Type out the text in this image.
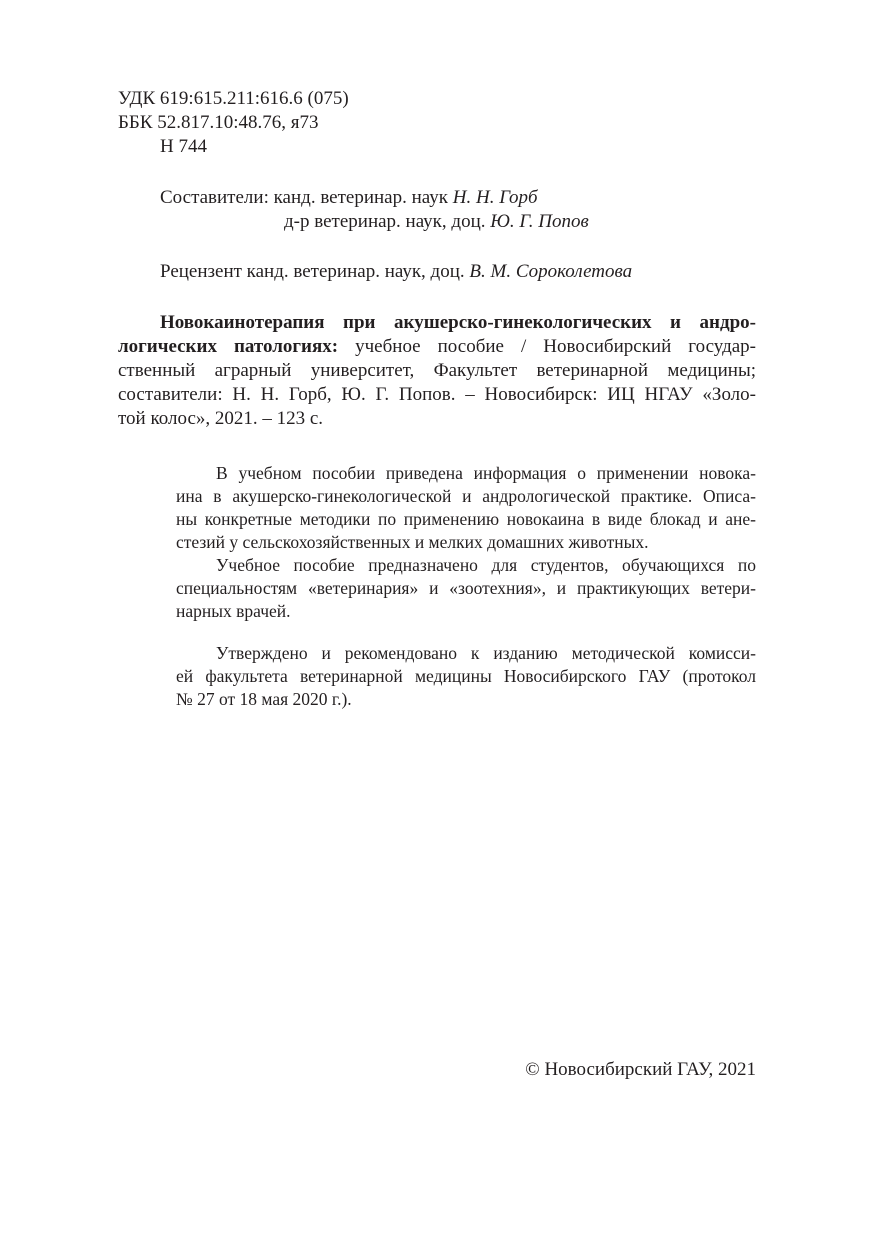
УДК 619:615.211:616.6 (075)
ББК 52.817.10:48.76, я73
Н 744
Составители: канд. ветеринар. наук Н. Н. Горб
д-р ветеринар. наук, доц. Ю. Г. Попов
Рецензент канд. ветеринар. наук, доц. В. М. Сороколетова
Новокаинотерапия при акушерско-гинекологических и андро-
логических патологиях: учебное пособие / Новосибирский государ-
ственный аграрный университет, Факультет ветеринарной медицины;
составители: Н. Н. Горб, Ю. Г. Попов. – Новосибирск: ИЦ НГАУ «Золо-
той колос», 2021. – 123 с.
В учебном пособии приведена информация о применении новока-
ина в акушерско-гинекологической и андрологической практике. Описа-
ны конкретные методики по применению новокаина в виде блокад и ане-
стезий у сельскохозяйственных и мелких домашних животных.
Учебное пособие предназначено для студентов, обучающихся по
специальностям «ветеринария» и «зоотехния», и практикующих ветери-
нарных врачей.
Утверждено и рекомендовано к изданию методической комисси-
ей факультета ветеринарной медицины Новосибирского ГАУ (протокол
№ 27 от 18 мая 2020 г.).
© Новосибирский ГАУ, 2021
